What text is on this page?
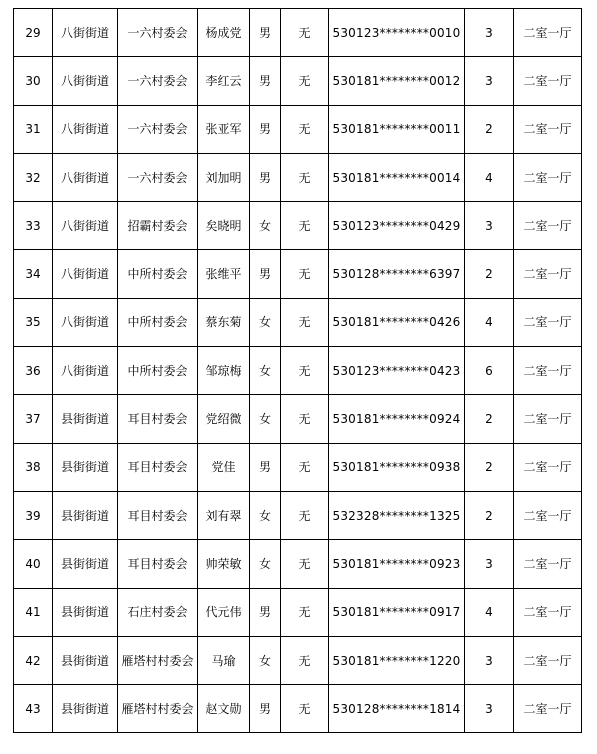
29	八街街道	一六村委会	杨成党	男	无	530123********0010	3	二室一厅
30	八街街道	一六村委会	李红云	男	无	530181********0012	3	二室一厅
31	八街街道	一六村委会	张亚军	男	无	530181********0011	2	二室一厅
32	八街街道	一六村委会	刘加明	男	无	530181********0014	4	二室一厅
33	八街街道	招霸村委会	矣晓明	女	无	530123********0429	3	二室一厅
34	八街街道	中所村委会	张维平	男	无	530128********6397	2	二室一厅
35	八街街道	中所村委会	蔡东菊	女	无	530181********0426	4	二室一厅
36	八街街道	中所村委会	邹琼梅	女	无	530123********0423	6	二室一厅
37	县街街道	耳目村委会	党绍微	女	无	530181********0924	2	二室一厅
38	县街街道	耳目村委会	党佳	男	无	530181********0938	2	二室一厅
39	县街街道	耳目村委会	刘有翠	女	无	532328********1325	2	二室一厅
40	县街街道	耳目村委会	帅荣敏	女	无	530181********0923	3	二室一厅
41	县街街道	石庄村委会	代元伟	男	无	530181********0917	4	二室一厅
42	县街街道	雁塔村村委会	马瑜	女	无	530181********1220	3	二室一厅
43	县街街道	雁塔村村委会	赵文勋	男	无	530128********1814	3	二室一厅
